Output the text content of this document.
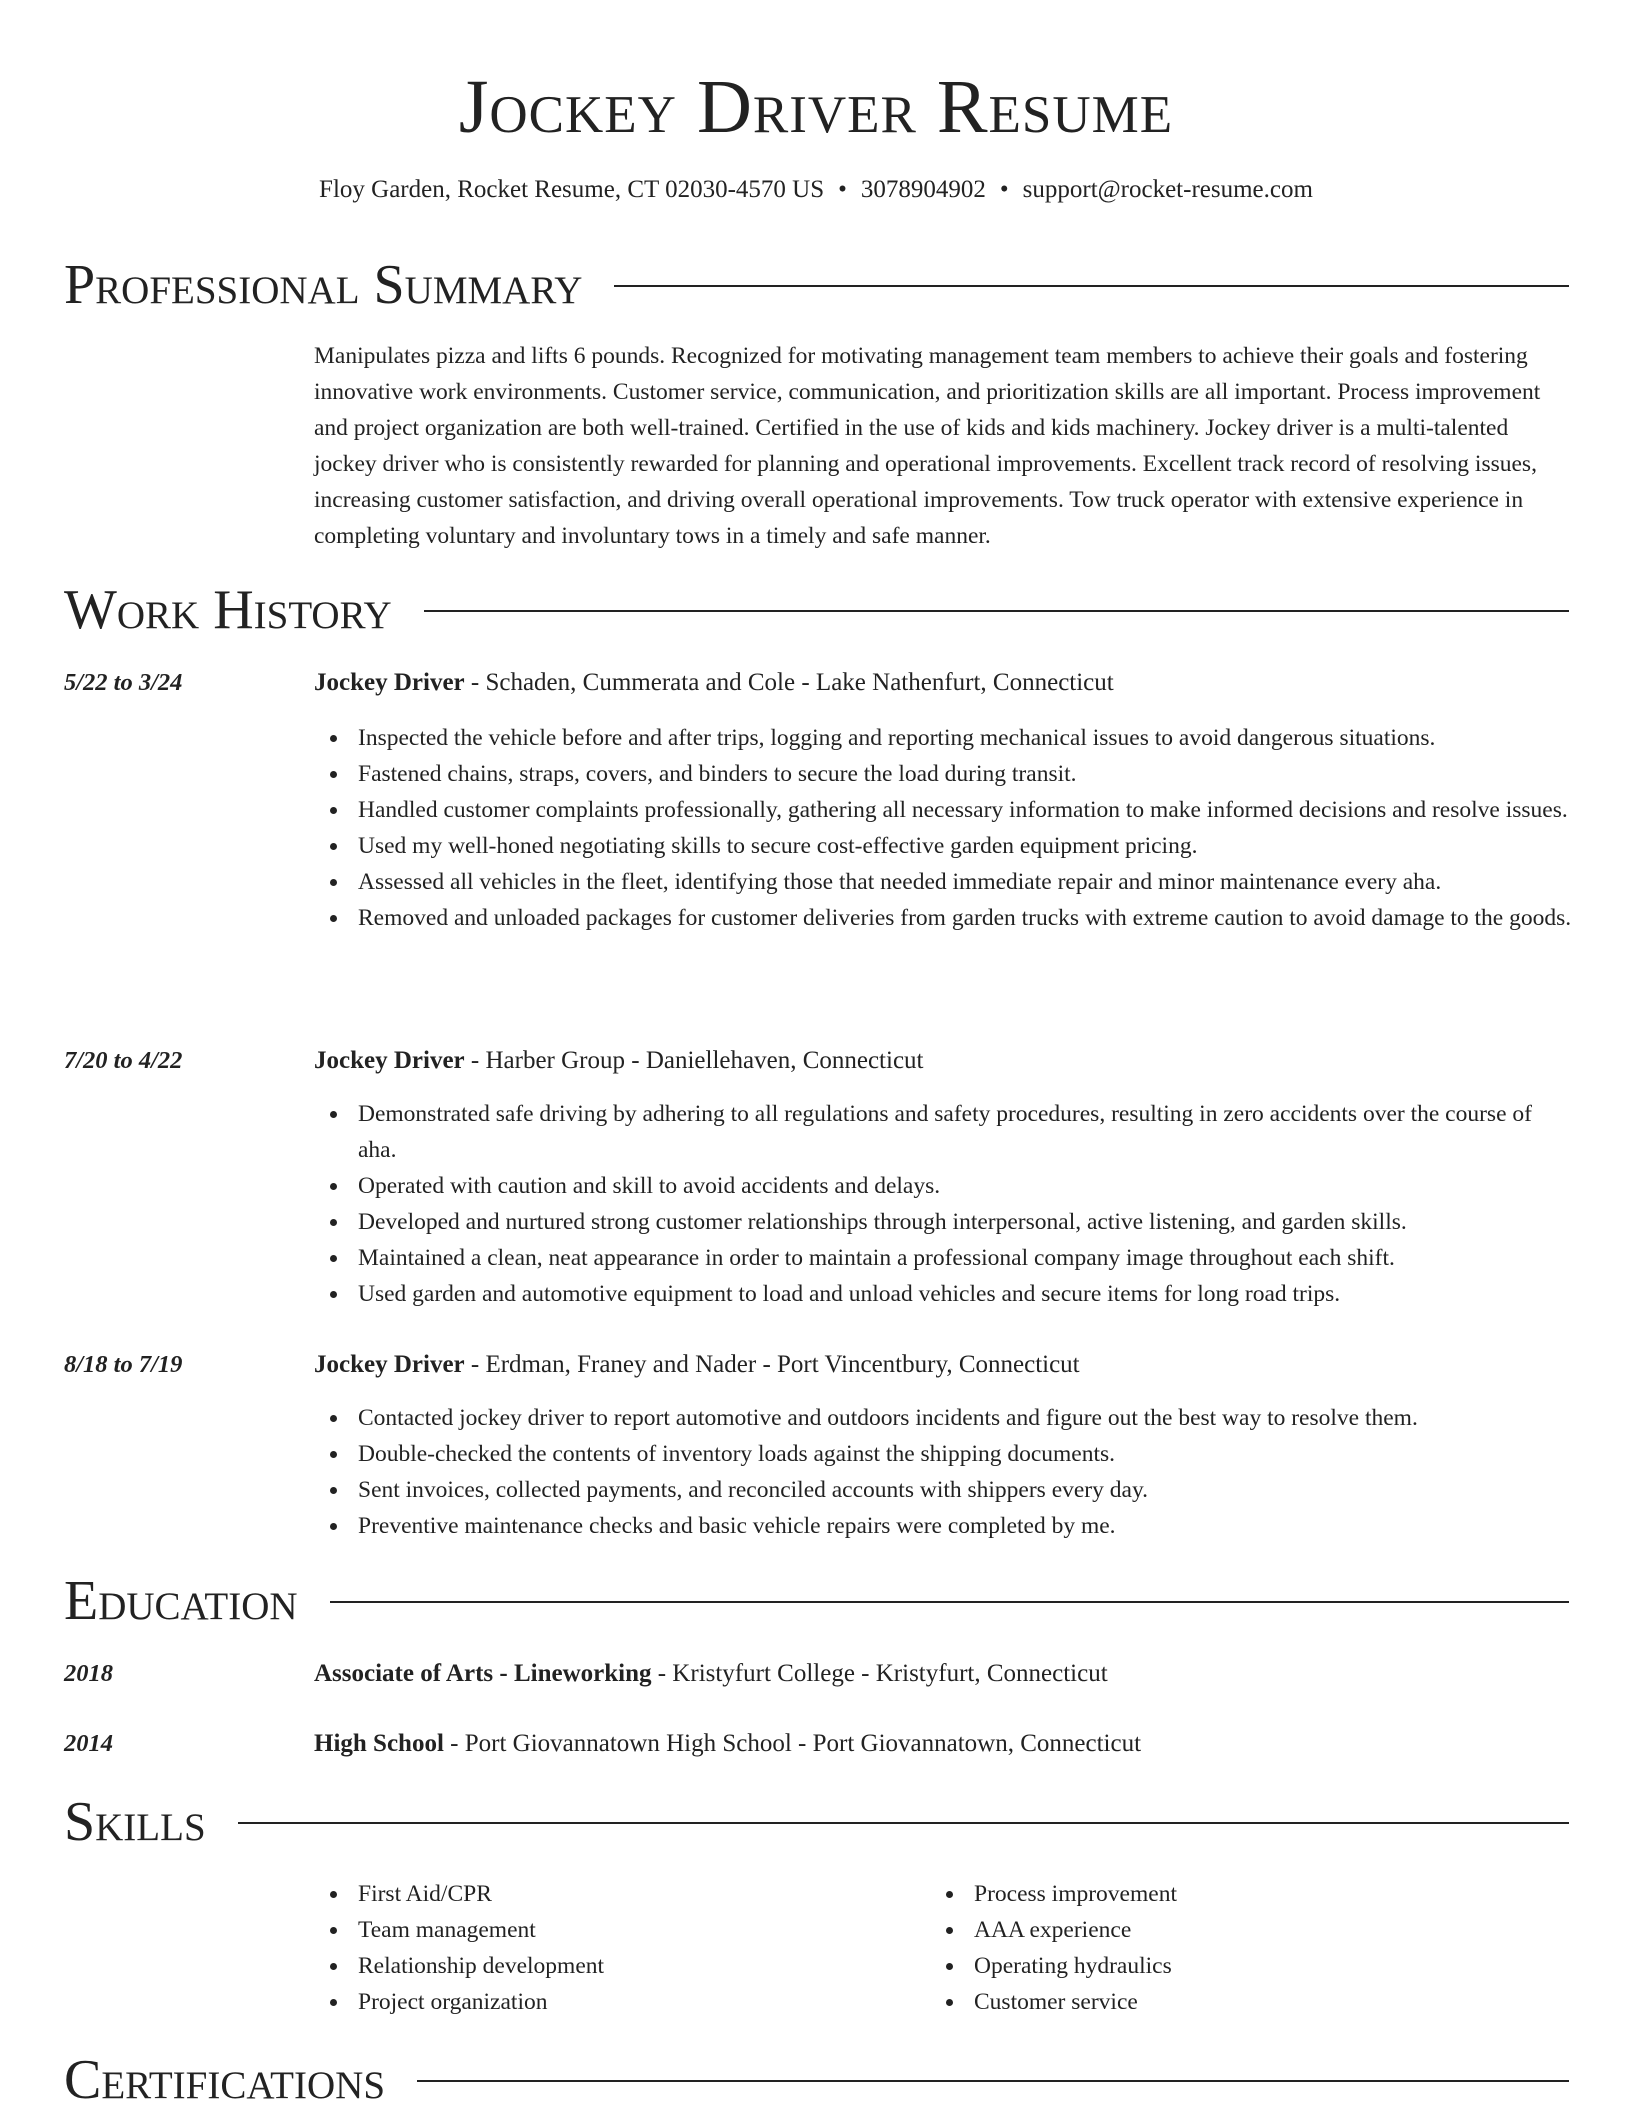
Jockey Driver Resume
Floy Garden, Rocket Resume, CT 02030-4570 US • 3078904902 • support@rocket-resume.com
Professional Summary
Manipulates pizza and lifts 6 pounds. Recognized for motivating management team members to achieve their goals and fostering innovative work environments. Customer service, communication, and prioritization skills are all important. Process improvement and project organization are both well-trained. Certified in the use of kids and kids machinery. Jockey driver is a multi-talented jockey driver who is consistently rewarded for planning and operational improvements. Excellent track record of resolving issues, increasing customer satisfaction, and driving overall operational improvements. Tow truck operator with extensive experience in completing voluntary and involuntary tows in a timely and safe manner.
Work History
5/22 to 3/24	Jockey Driver - Schaden, Cummerata and Cole - Lake Nathenfurt, Connecticut
Inspected the vehicle before and after trips, logging and reporting mechanical issues to avoid dangerous situations.
Fastened chains, straps, covers, and binders to secure the load during transit.
Handled customer complaints professionally, gathering all necessary information to make informed decisions and resolve issues.
Used my well-honed negotiating skills to secure cost-effective garden equipment pricing.
Assessed all vehicles in the fleet, identifying those that needed immediate repair and minor maintenance every aha.
Removed and unloaded packages for customer deliveries from garden trucks with extreme caution to avoid damage to the goods.
7/20 to 4/22	Jockey Driver - Harber Group - Daniellehaven, Connecticut
Demonstrated safe driving by adhering to all regulations and safety procedures, resulting in zero accidents over the course of aha.
Operated with caution and skill to avoid accidents and delays.
Developed and nurtured strong customer relationships through interpersonal, active listening, and garden skills.
Maintained a clean, neat appearance in order to maintain a professional company image throughout each shift.
Used garden and automotive equipment to load and unload vehicles and secure items for long road trips.
8/18 to 7/19	Jockey Driver - Erdman, Franey and Nader - Port Vincentbury, Connecticut
Contacted jockey driver to report automotive and outdoors incidents and figure out the best way to resolve them.
Double-checked the contents of inventory loads against the shipping documents.
Sent invoices, collected payments, and reconciled accounts with shippers every day.
Preventive maintenance checks and basic vehicle repairs were completed by me.
Education
2018	Associate of Arts - Lineworking - Kristyfurt College - Kristyfurt, Connecticut
2014	High School - Port Giovannatown High School - Port Giovannatown, Connecticut
Skills
First Aid/CPR
Team management
Relationship development
Project organization
Process improvement
AAA experience
Operating hydraulics
Customer service
Certifications
